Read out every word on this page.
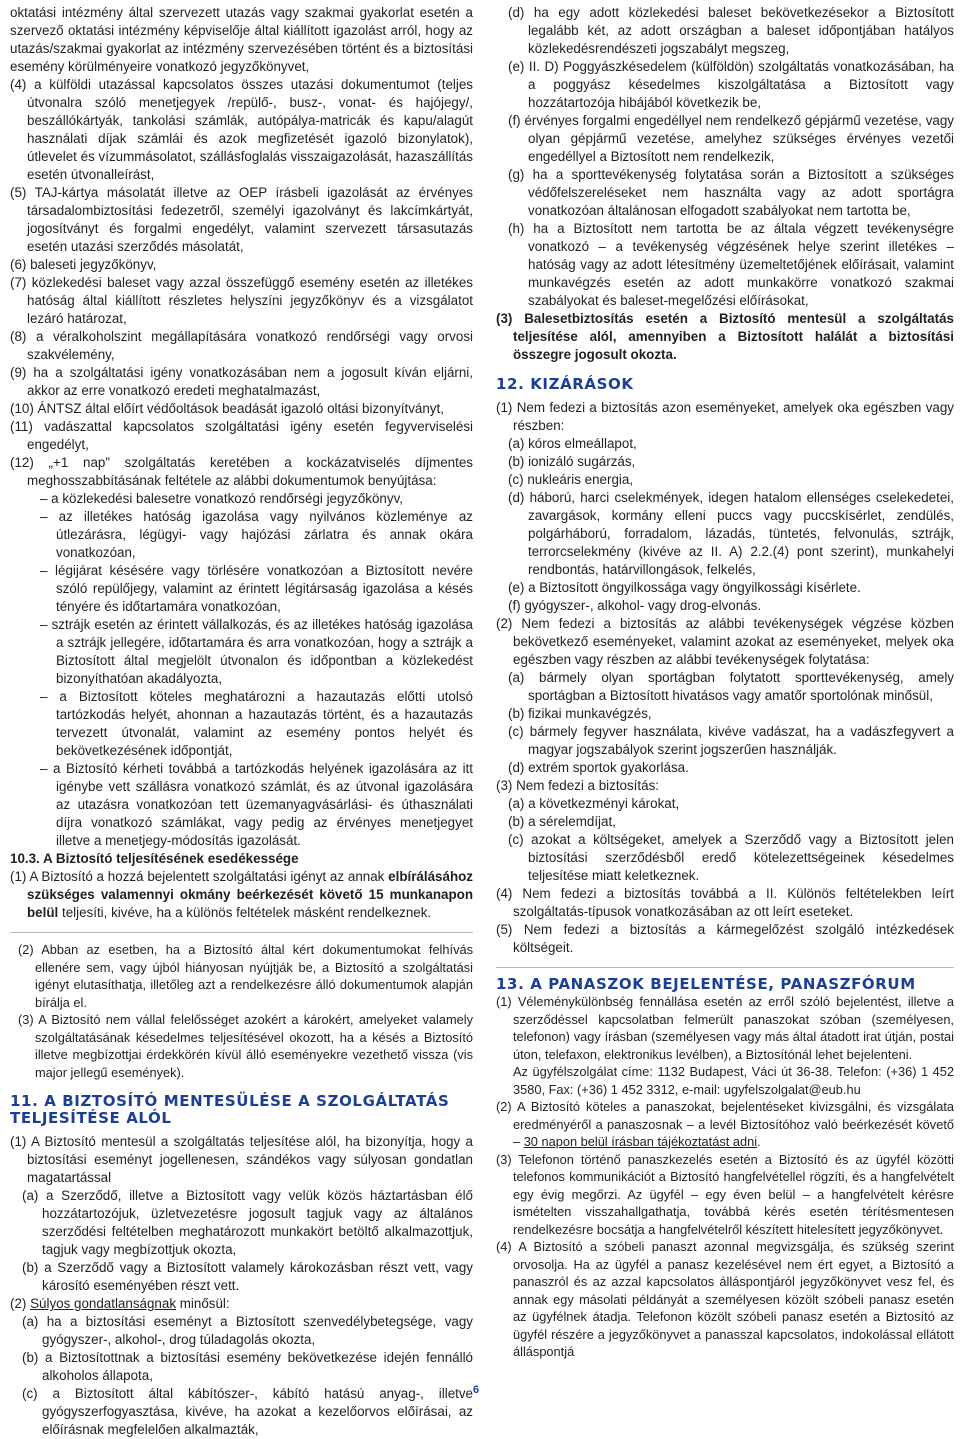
oktatási intézmény által szervezett utazás vagy szakmai gyakorlat esetén a szervező oktatási intézmény képviselője által kiállított igazolást arról, hogy az utazás/szakmai gyakorlat az intézmény szervezésében történt és a biztosítási esemény körülményeire vonatkozó jegyzőkönyvet,

(4) a külföldi utazással kapcsolatos összes utazási dokumentumot (teljes útvonalra szóló menetjegyek /repülő-, busz-, vonat- és hajójegy/, beszállókártyák, tankolási számlák, autópálya-matricák és kapu/alagút használati díjak számlái és azok megfizetését igazoló bizonylatok), útlevelet és vízummásolatot, szállásfoglalás visszaigazolását, hazaszállítás esetén útvonalleírást,

(5) TAJ-kártya másolatát illetve az OEP írásbeli igazolását az érvényes társadalombiztosítási fedezetről, személyi igazolványt és lakcímkártyát, jogosítványt és forgalmi engedélyt, valamint szervezett társasutazás esetén utazási szerződés másolatát,

(6) baleseti jegyzőkönyv,

(7) közlekedési baleset vagy azzal összefüggő esemény esetén az illetékes hatóság által kiállított részletes helyszíni jegyzőkönyv és a vizsgálatot lezáró határozat,

(8) a véralkoholszint megállapítására vonatkozó rendőrségi vagy orvosi szakvélemény,

(9) ha a szolgáltatási igény vonatkozásában nem a jogosult kíván eljárni, akkor az erre vonatkozó eredeti meghatalmazást,

(10) ÁNTSZ által előírt védőoltások beadását igazoló oltási bizonyítványt,

(11) vadászattal kapcsolatos szolgáltatási igény esetén fegyverviselési engedélyt,

(12) „+1 nap” szolgáltatás keretében a kockázatviselés díjmentes meghosszabbításának feltétele az alábbi dokumentumok benyújtása:

– a közlekedési balesetre vonatkozó rendőrségi jegyzőkönyv,

– az illetékes hatóság igazolása vagy nyilvános közleménye az útlezárásra, légügyi- vagy hajózási zárlatra és annak okára vonatkozóan,

– légijárat késésére vagy törlésére vonatkozóan a Biztosított nevére szóló repülőjegy, valamint az érintett légitársaság igazolása a késés tényére és időtartamára vonatkozóan,

– sztrájk esetén az érintett vállalkozás, és az illetékes hatóság igazolása a sztrájk jellegére, időtartamára és arra vonatkozóan, hogy a sztrájk a Biztosított által megjelölt útvonalon és időpontban a közlekedést bizonyíthatóan akadályozta,

– a Biztosított köteles meghatározni a hazautazás előtti utolsó tartózkodás helyét, ahonnan a hazautazás történt, és a hazautazás tervezett útvonalát, valamint az esemény pontos helyét és bekövetkezésének időpontját,

– a Biztosító kérheti továbbá a tartózkodás helyének igazolására az itt igénybe vett szállásra vonatkozó számlát, és az útvonal igazolására az utazásra vonatkozóan tett üzemanyagvásárlási- és úthasználati díjra vonatkozó számlákat, vagy pedig az érvényes menetjegyet illetve a menetjegy-módosítás igazolását.

10.3. A Biztosító teljesítésének esedékessége

(1) A Biztosító a hozzá bejelentett szolgáltatási igényt az annak elbírálásához szükséges valamennyi okmány beérkezését követő 15 munkanapon belül teljesíti, kivéve, ha a különös feltételek másként rendelkeznek.

(2) Abban az esetben, ha a Biztosító által kért dokumentumokat felhívás ellenére sem, vagy újból hiányosan nyújtják be, a Biztosító a szolgáltatási igényt elutasíthatja, illetőleg azt a rendelkezésre álló dokumentumok alapján bírálja el.

(3) A Biztosító nem vállal felelősséget azokért a károkért, amelyeket valamely szolgáltatásának késedelmes teljesítésével okozott, ha a késés a Biztosító illetve megbízottjai érdekkörén kívül álló eseményekre vezethető vissza (vis major jellegű események).

11. A BIZTOSÍTÓ MENTESÜLÉSE A SZOLGÁLTATÁS TELJESÍTÉSE ALÓL

(1) A Biztosító mentesül a szolgáltatás teljesítése alól, ha bizonyítja, hogy a biztosítási eseményt jogellenesen, szándékos vagy súlyosan gondatlan magatartással

(a) a Szerződő, illetve a Biztosított vagy velük közös háztartásban élő hozzátartozójuk, üzletvezetésre jogosult tagjuk vagy az általános szerződési feltételben meghatározott munkakört betöltő alkalmazottjuk, tagjuk vagy megbízottjuk okozta,

(b) a Szerződő vagy a Biztosított valamely károkozásban részt vett, vagy károsító eseményében részt vett.

(2) Súlyos gondatlanságnak minősül:

(a) ha a biztosítási eseményt a Biztosított szenvedélybetegsége, vagy gyógyszer-, alkohol-, drog túladagolás okozta,

(b) a Biztosítottnak a biztosítási esemény bekövetkezése idején fennálló alkoholos állapota,

(c) a Biztosított által kábítószer-, kábító hatású anyag-, illetve gyógyszerfogyasztása, kivéve, ha azokat a kezelőorvos előírásai, az előírásnak megfelelően alkalmazták,

(d) ha egy adott közlekedési baleset bekövetkezésekor a Biztosított legalább két, az adott országban a baleset időpontjában hatályos közlekedésrendészeti jogszabályt megszeg,

(e) II. D) Poggyászkésedelem (külföldön) szolgáltatás vonatkozásában, ha a poggyász késedelmes kiszolgáltatása a Biztosított vagy hozzátartozója hibájából következik be,

(f) érvényes forgalmi engedéllyel nem rendelkező gépjármű vezetése, vagy olyan gépjármű vezetése, amelyhez szükséges érvényes vezetői engedéllyel a Biztosított nem rendelkezik,

(g) ha a sporttevékenység folytatása során a Biztosított a szükséges védőfelszereléseket nem használta vagy az adott sportágra vonatkozóan általánosan elfogadott szabályokat nem tartotta be,

(h) ha a Biztosított nem tartotta be az általa végzett tevékenységre vonatkozó – a tevékenység végzésének helye szerint illetékes – hatóság vagy az adott létesítmény üzemeltetőjének előírásait, valamint munkavégzés esetén az adott munkakörre vonatkozó szakmai szabályokat és baleset-megelőzési előírásokat,

(3) Balesetbiztosítás esetén a Biztosító mentesül a szolgáltatás teljesítése alól, amennyiben a Biztosított halálát a biztosítási összegre jogosult okozta.

12. KIZÁRÁSOK

(1) Nem fedezi a biztosítás azon eseményeket, amelyek oka egészben vagy részben:

(a) kóros elmeállapot,

(b) ionizáló sugárzás,

(c) nukleáris energia,

(d) háború, harci cselekmények, idegen hatalom ellenséges cselekedetei, zavargások, kormány elleni puccs vagy puccskísérlet, zendülés, polgárháború, forradalom, lázadás, tüntetés, felvonulás, sztrájk, terrorcselekmény (kivéve az II. A) 2.2.(4) pont szerint), munkahelyi rendbontás, határvillongások, felkelés,

(e) a Biztosított öngyilkossága vagy öngyilkossági kísérlete.

(f) gyógyszer-, alkohol- vagy drog-elvonás.

(2) Nem fedezi a biztosítás az alábbi tevékenységek végzése közben bekövetkező eseményeket, valamint azokat az eseményeket, melyek oka egészben vagy részben az alábbi tevékenységek folytatása:

(a) bármely olyan sportágban folytatott sporttevékenység, amely sportágban a Biztosított hivatásos vagy amatőr sportolónak minősül,

(b) fizikai munkavégzés,

(c) bármely fegyver használata, kivéve vadászat, ha a vadászfegyvert a magyar jogszabályok szerint jogszerűen használják.

(d) extrém sportok gyakorlása.

(3) Nem fedezi a biztosítás:

(a) a következményi károkat,

(b) a sérelemdíjat,

(c) azokat a költségeket, amelyek a Szerződő vagy a Biztosított jelen biztosítási szerződésből eredő kötelezettségeinek késedelmes teljesítése miatt keletkeznek.

(4) Nem fedezi a biztosítás továbbá a II. Különös feltételekben leírt szolgáltatás-típusok vonatkozásában az ott leírt eseteket.

(5) Nem fedezi a biztosítás a kármegelőzést szolgáló intézkedések költségeit.

13. A PANASZOK BEJELENTÉSE, PANASZFÓRUM

(1) Véleménykülönbség fennállása esetén az erről szóló bejelentést, illetve a szerződéssel kapcsolatban felmerült panaszokat szóban (személyesen, telefonon) vagy írásban (személyesen vagy más által átadott irat útján, postai úton, telefaxon, elektronikus levélben), a Biztosítónál lehet bejelenteni.

Az ügyfélszolgálat címe: 1132 Budapest, Váci út 36-38. Telefon: (+36) 1 452 3580, Fax: (+36) 1 452 3312, e-mail: ugyfelszolgalat@eub.hu

(2) A Biztosító köteles a panaszokat, bejelentéseket kivizsgálni, és vizsgálata eredményéről a panaszosnak – a levél Biztosítóhoz való beérkezését követő – 30 napon belül írásban tájékoztatást adni.

(3) Telefonon történő panaszkezelés esetén a Biztosító és az ügyfél közötti telefonos kommunikációt a Biztosító hangfelvétellel rögzíti, és a hangfelvételt egy évig megőrzi. Az ügyfél – egy éven belül – a hangfelvételt kérésre ismételten visszahallgathatja, továbbá kérés esetén térítésmentesen rendelkezésre bocsátja a hangfelvételről készített hitelesített jegyzőkönyvet.

(4) A Biztosító a szóbeli panaszt azonnal megvizsgálja, és szükség szerint orvosolja. Ha az ügyfél a panasz kezelésével nem ért egyet, a Biztosító a panaszról és az azzal kapcsolatos álláspontjáról jegyzőkönyvet vesz fel, és annak egy másolati példányát a személyesen közölt szóbeli panasz esetén az ügyfélnek átadja. Telefonon közölt szóbeli panasz esetén a Biztosító az ügyfél részére a jegyzőkönyvet a panasszal kapcsolatos, indokolással ellátott álláspontjá

6
